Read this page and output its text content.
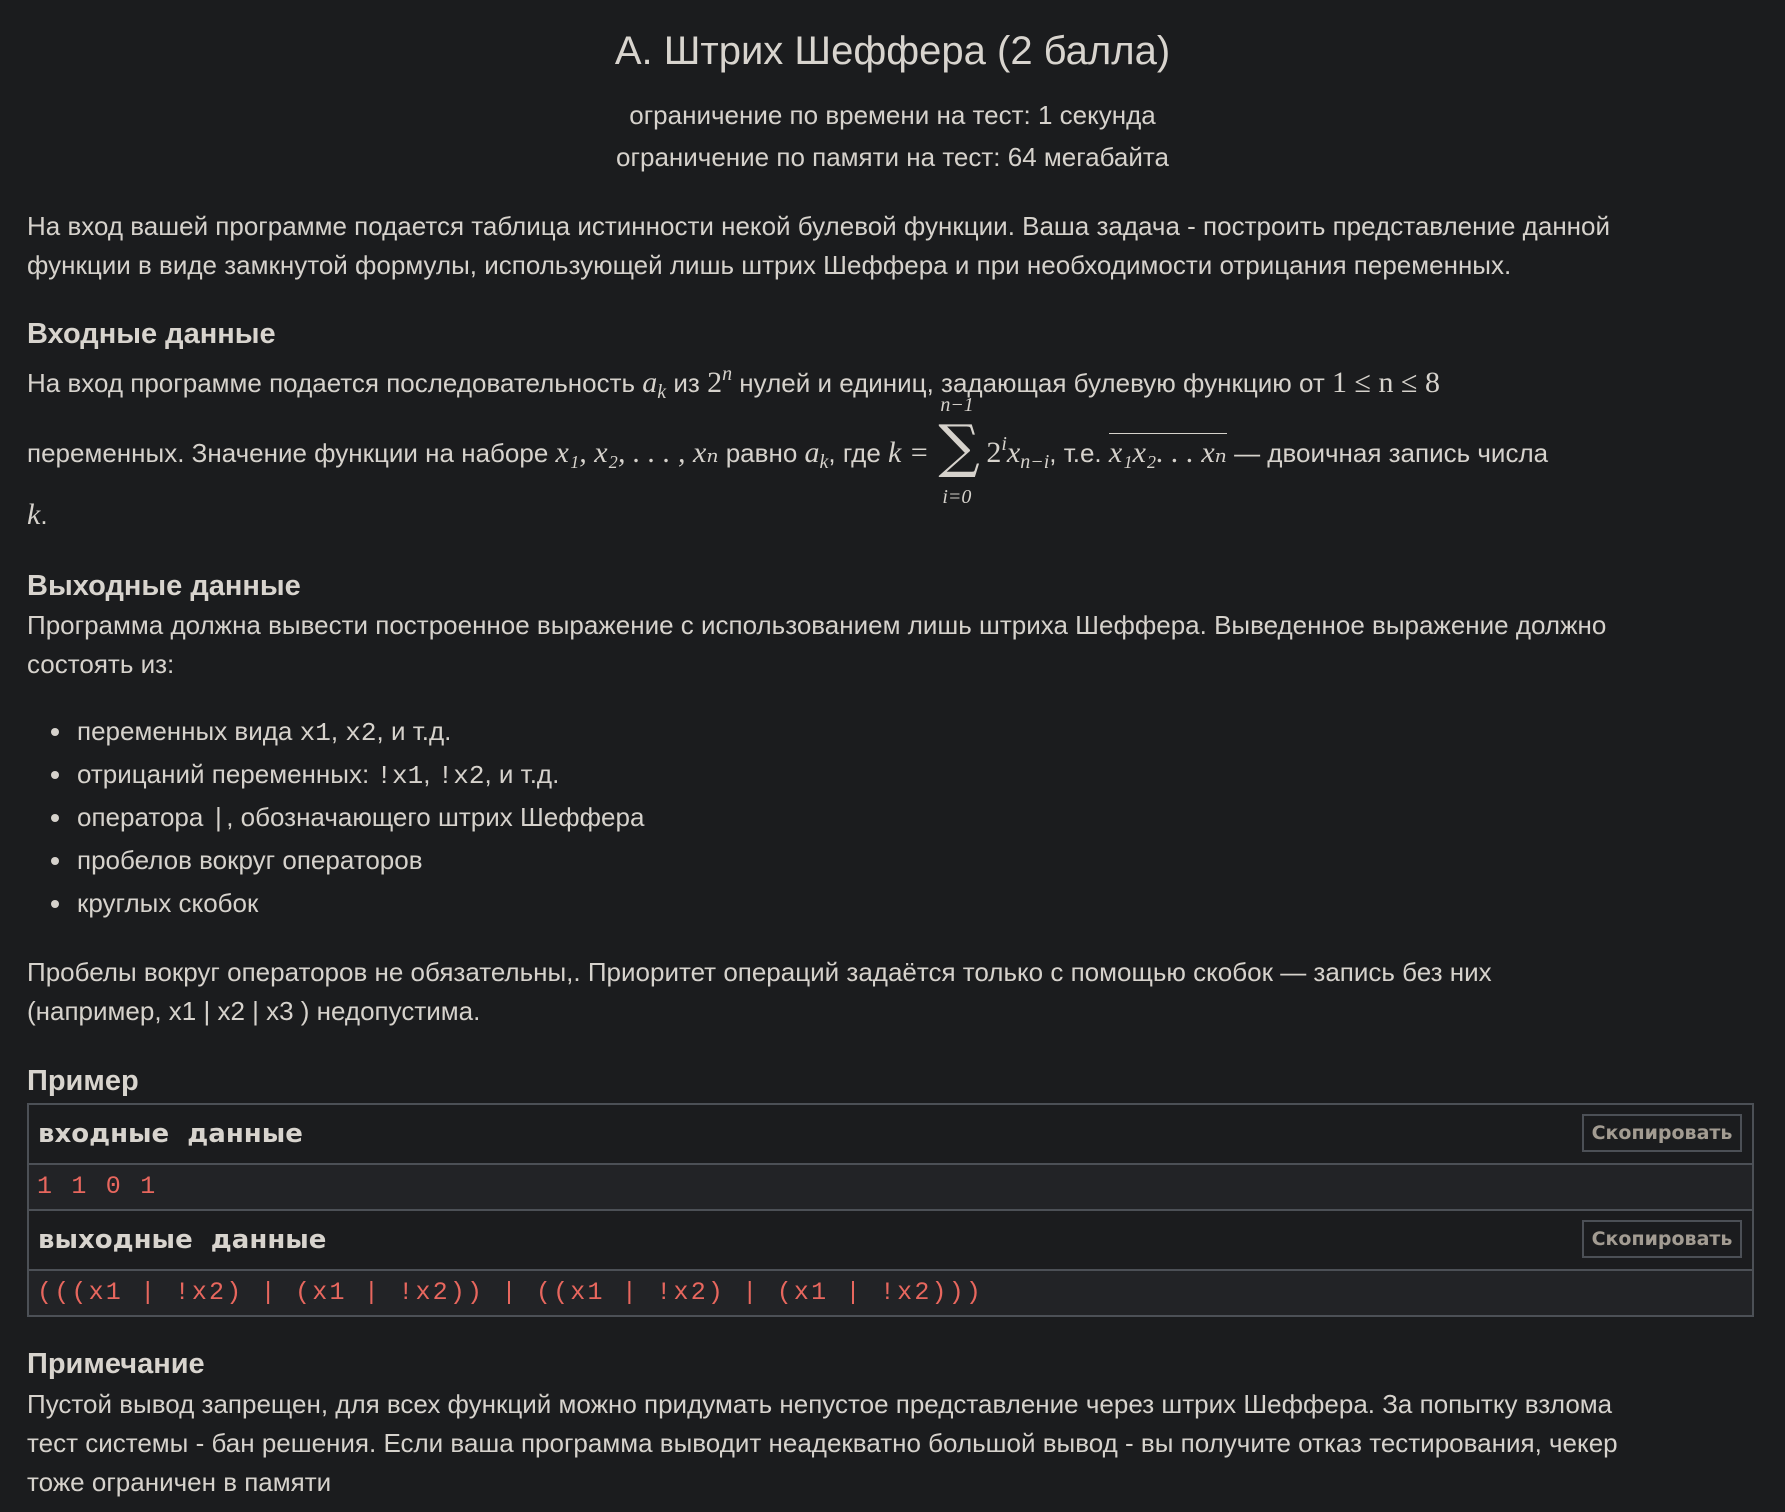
A. Штрих Шеффера (2 балла)
ограничение по времени на тест: 1 секунда
ограничение по памяти на тест: 64 мегабайта
На вход вашей программе подается таблица истинности некой булевой функции. Ваша задача - построить представление данной
функции в виде замкнутой формулы, использующей лишь штрих Шеффера и при необходимости отрицания переменных.
Входные данные
На вход программе подается последовательность $a_k$ из 2$^n$ нулей и единиц, задающая булевую функцию от 1 ≤ n ≤ 8
переменных. Значение функции на наборе x₁, x₂, . . . , xₙ равно $a_k$, где k =
n−1
∑
i=0
$2^ix_{n-i}$, т.е. x₁x₂. . . xₙ — двоичная запись числа
k.
Выходные данные
Программа должна вывести построенное выражение с использованием лишь штриха Шеффера. Выведенное выражение должно
состоять из:
переменных вида x1, x2, и т.д.
отрицаний переменных: !x1, !x2, и т.д.
оператора |, обозначающего штрих Шеффера
пробелов вокруг операторов
круглых скобок
Пробелы вокруг операторов не обязательны,. Приоритет операций задаётся только с помощью скобок — запись без них
(например, x1 | x2 | x3 ) недопустима.
Пример
входные  данные	Скопировать
1 1 0 1
выходные  данные	Скопировать
(((x1 | !x2) | (x1 | !x2)) | ((x1 | !x2) | (x1 | !x2)))
Примечание
Пустой вывод запрещен, для всех функций можно придумать непустое представление через штрих Шеффера. За попытку взлома
тест системы - бан решения. Если ваша программа выводит неадекватно большой вывод - вы получите отказ тестирования, чекер
тоже ограничен в памяти
